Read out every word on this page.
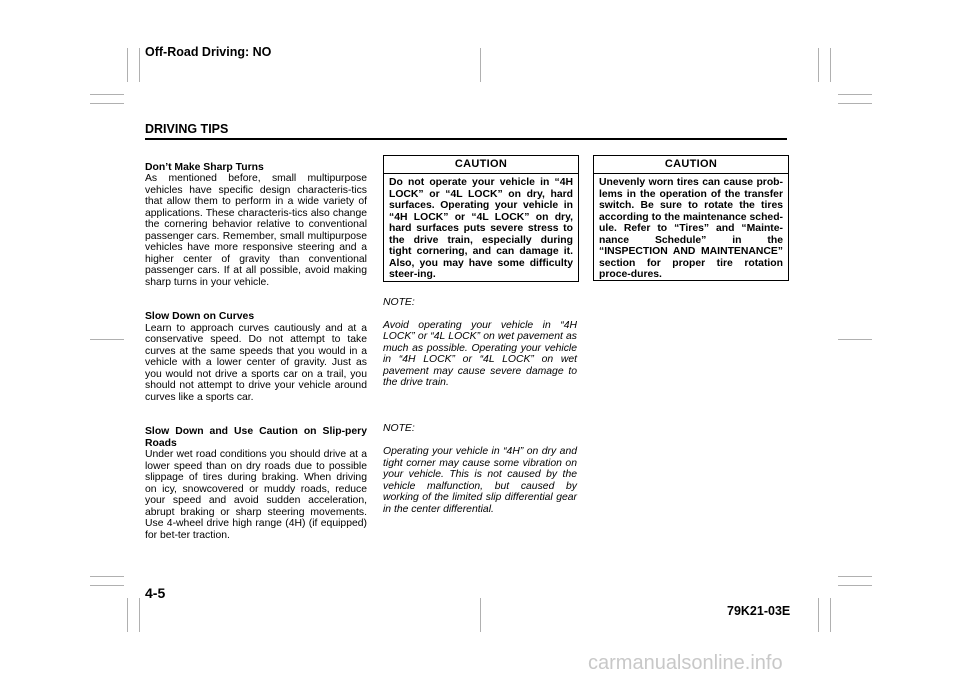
Off-Road Driving: NO
DRIVING TIPS

Don’t Make Sharp Turns
As mentioned before, small multipurpose vehicles have specific design characteris-tics that allow them to perform in a wide variety of applications. These characteris-tics also change the cornering behavior relative to conventional passenger cars. Remember, small multipurpose vehicles have more responsive steering and a higher center of gravity than conventional passenger cars. If at all possible, avoid making sharp turns in your vehicle.

Slow Down on Curves
Learn to approach curves cautiously and at a conservative speed. Do not attempt to take curves at the same speeds that you would in a vehicle with a lower center of gravity. Just as you would not drive a sports car on a trail, you should not attempt to drive your vehicle around curves like a sports car.

Slow Down and Use Caution on Slip-pery Roads
Under wet road conditions you should drive at a lower speed than on dry roads due to possible slippage of tires during braking. When driving on icy, snowcovered or muddy roads, reduce your speed and avoid sudden acceleration, abrupt braking or sharp steering movements. Use 4-wheel drive high range (4H) (if equipped) for bet-ter traction.

CAUTION
Do not operate your vehicle in “4H LOCK” or “4L LOCK” on dry, hard surfaces. Operating your vehicle in “4H LOCK” or “4L LOCK” on dry, hard surfaces puts severe stress to the drive train, especially during tight cornering, and can damage it. Also, you may have some difficulty steer-ing.

NOTE:

Avoid operating your vehicle in “4H LOCK” or “4L LOCK” on wet pavement as much as possible. Operating your vehicle in “4H LOCK” or “4L LOCK” on wet pavement may cause severe damage to the drive train.

NOTE:

Operating your vehicle in “4H” on dry and tight corner may cause some vibration on your vehicle. This is not caused by the vehicle malfunction, but caused by working of the limited slip differential gear in the center differential.

CAUTION
Unevenly worn tires can cause prob-lems in the operation of the transfer switch. Be sure to rotate the tires according to the maintenance sched-ule. Refer to “Tires” and “Mainte-nance Schedule” in the “INSPECTION AND MAINTENANCE” section for proper tire rotation proce-dures.
4-5
79K21-03E
carmanualsonline.info
